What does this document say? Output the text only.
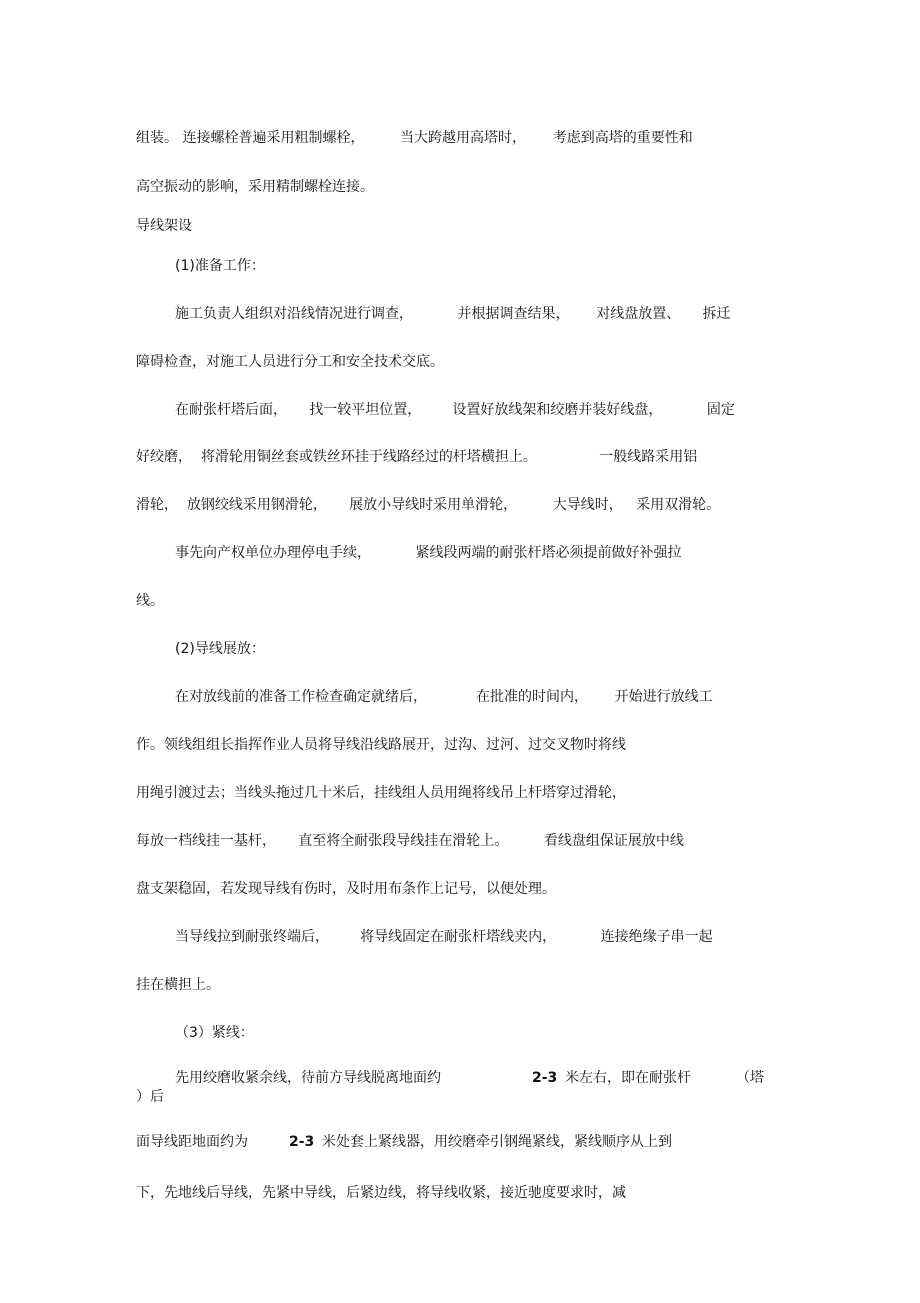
组装。 连接螺栓普遍采用粗制螺栓，        当大跨越用高塔时，      考虑到高塔的重要性和

高空振动的影响，采用精制螺栓连接。

导线架设

(1)准备工作：

施工负责人组织对沿线情况进行调查，          并根据调查结果，      对线盘放置、     拆迁

障碍检查，对施工人员进行分工和安全技术交底。

在耐张杆塔后面，     找一较平坦位置，       设置好放线架和绞磨并装好线盘，          固定

好绞磨，  将滑轮用铜丝套或铁丝环挂于线路经过的杆塔横担上。              一般线路采用铝

滑轮，  放钢绞线采用钢滑轮，     展放小导线时采用单滑轮，        大导线时，   采用双滑轮。

事先向产权单位办理停电手续，          紧线段两端的耐张杆塔必须提前做好补强拉

线。

(2)导线展放：

在对放线前的准备工作检查确定就绪后，           在批准的时间内，      开始进行放线工

作。领线组组长指挥作业人员将导线沿线路展开，过沟、过河、过交叉物时将线

用绳引渡过去；当线头拖过几十米后，挂线组人员用绳将线吊上杆塔穿过滑轮，

每放一档线挂一基杆，     直至将全耐张段导线挂在滑轮上。        看线盘组保证展放中线

盘支架稳固，若发现导线有伤时，及时用布条作上记号，以便处理。

当导线拉到耐张终端后，       将导线固定在耐张杆塔线夹内，          连接绝缘子串一起

挂在横担上。

（3）紧线：

先用绞磨收紧余线，待前方导线脱离地面约	2-3 米左右，即在耐张杆	（塔

）后

面导线距地面约为	2-3 米处套上紧线器，用绞磨牵引钢绳紧线，紧线顺序从上到

下，先地线后导线，先紧中导线，后紧边线，将导线收紧，接近驰度要求时，减
